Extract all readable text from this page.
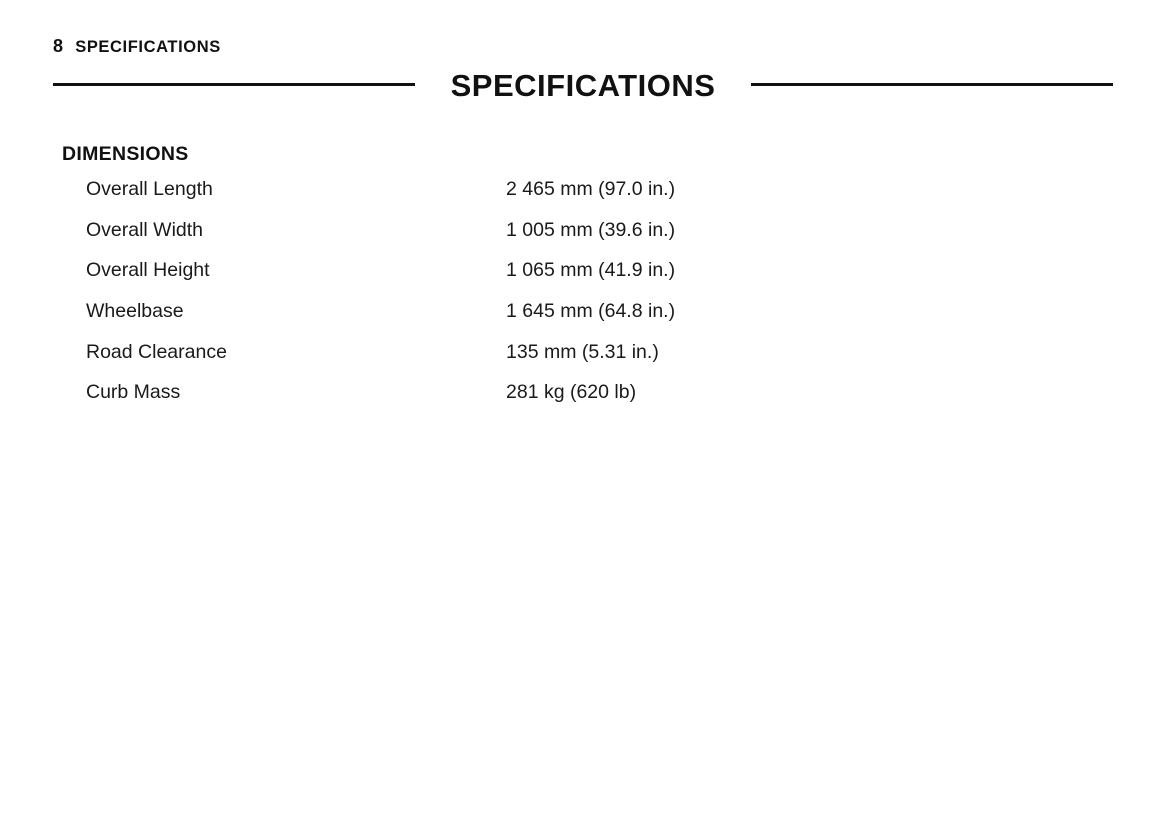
8 SPECIFICATIONS
SPECIFICATIONS
DIMENSIONS
Overall Length	2 465 mm (97.0 in.)
Overall Width	1 005 mm (39.6 in.)
Overall Height	1 065 mm (41.9 in.)
Wheelbase	1 645 mm (64.8 in.)
Road Clearance	135 mm (5.31 in.)
Curb Mass	281 kg (620 lb)
